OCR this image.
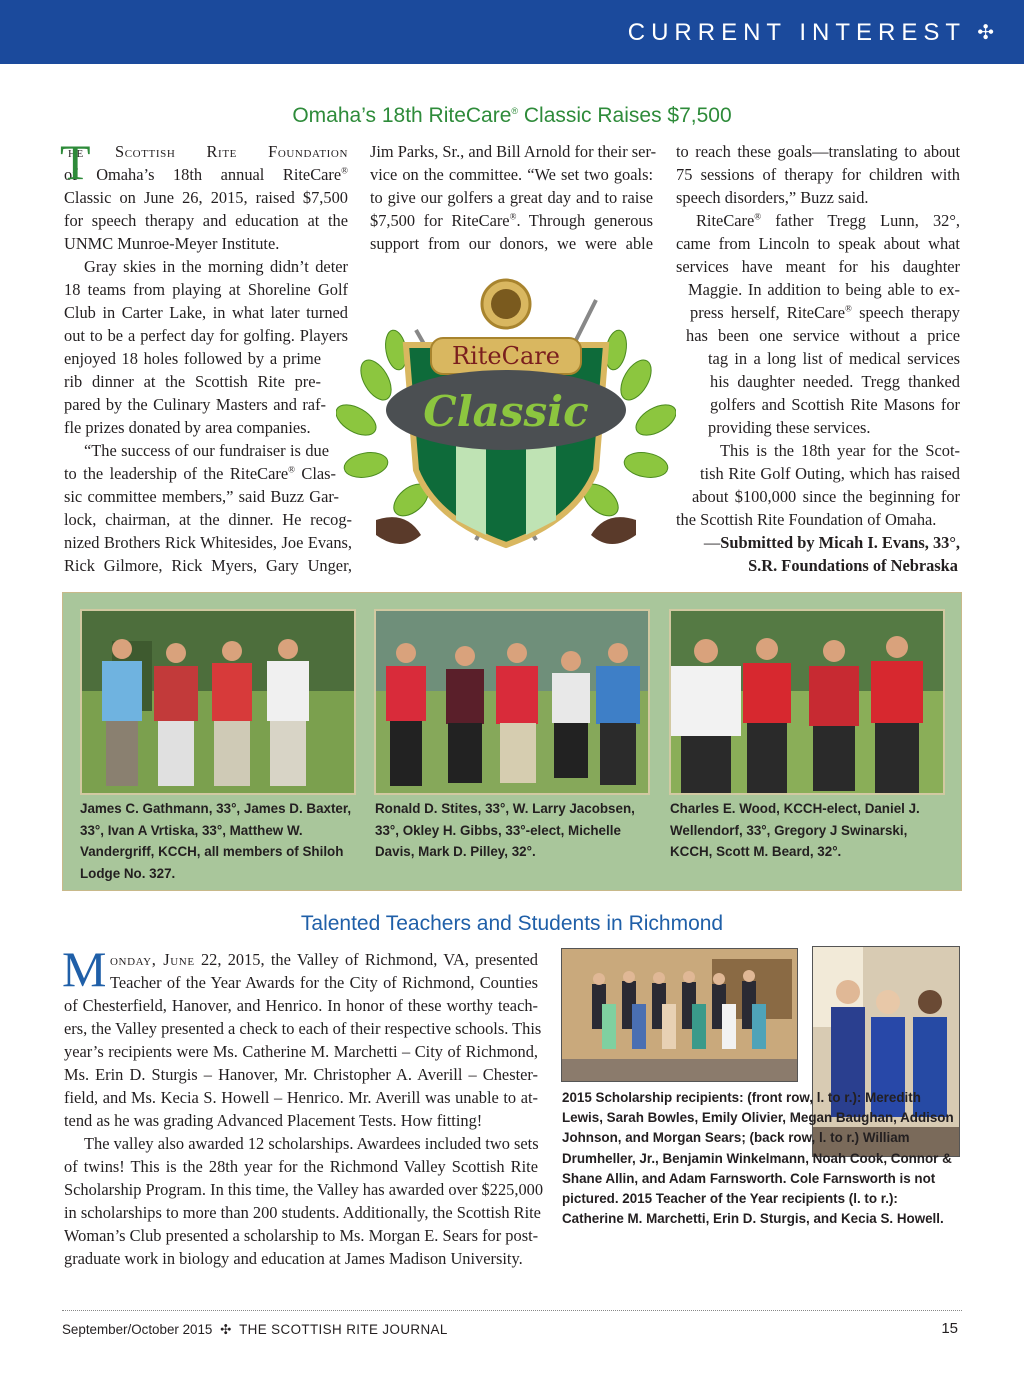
CURRENT INTEREST ✣
Omaha’s 18th RiteCare® Classic Raises $7,500
he Scottish Rite Foundation
of Omaha’s 18th annual RiteCare®
Classic on June 26, 2015, raised $7,500
for speech therapy and education at the
UNMC Munroe-Meyer Institute.
Gray skies in the morning didn’t deter
18 teams from playing at Shoreline Golf
Club in Carter Lake, in what later turned
out to be a perfect day for golfing. Players
enjoyed 18 holes followed by a prime
rib dinner at the Scottish Rite pre-
pared by the Culinary Masters and raf-
fle prizes donated by area companies.
“The success of our fundraiser is due
to the leadership of the RiteCare® Clas-
sic committee members,” said Buzz Gar-
lock, chairman, at the dinner. He recog-
nized Brothers Rick Whitesides, Joe Evans,
Rick Gilmore, Rick Myers, Gary Unger,
T	Jim Parks, Sr., and Bill Arnold for their ser-
vice on the committee. “We set two goals:
to give our golfers a great day and to raise
$7,500 for RiteCare®. Through generous
support from our donors, we were able
to reach these goals—translating to about
75 sessions of therapy for children with
speech disorders,” Buzz said.
RiteCare® father Tregg Lunn, 32°,
came from Lincoln to speak about what
services have meant for his daughter
Maggie. In addition to being able to ex-
press herself, RiteCare® speech therapy
has been one service without a price
tag in a long list of medical services
his daughter needed. Tregg thanked
golfers and Scottish Rite Masons for
providing these services.
This is the 18th year for the Scot-
tish Rite Golf Outing, which has raised
about $100,000 since the beginning for
the Scottish Rite Foundation of Omaha.
—Submitted by Micah I. Evans, 33°,
S.R. Foundations of Nebraska
RiteCare
Classic
James C. Gathmann, 33°, James D. Baxter, 33°, Ivan A Vrtiska, 33°, Matthew W. Vandergriff, KCCH, all members of Shiloh Lodge No. 327.
Ronald D. Stites, 33°, W. Larry Jacobsen, 33°, Okley H. Gibbs, 33°-elect, Michelle Davis, Mark D. Pilley, 32°.
Charles E. Wood, KCCH-elect, Daniel J. Wellendorf, 33°, Gregory J Swinarski, KCCH, Scott M. Beard, 32°.
Talented Teachers and Students in Richmond
onday, June 22, 2015, the Valley of Richmond, VA, presented
Teacher of the Year Awards for the City of Richmond, Counties
of Chesterfield, Hanover, and Henrico. In honor of these worthy teach-
ers, the Valley presented a check to each of their respective schools. This
year’s recipients were Ms. Catherine M. Marchetti – City of Richmond,
Ms. Erin D. Sturgis – Hanover, Mr. Christopher A. Averill – Chester-
field, and Ms. Kecia S. Howell – Henrico. Mr. Averill was unable to at-
tend as he was grading Advanced Placement Tests. How fitting!
The valley also awarded 12 scholarships. Awardees included two sets
of twins! This is the 28th year for the Richmond Valley Scottish Rite
Scholarship Program. In this time, the Valley has awarded over $225,000
in scholarships to more than 200 students. Additionally, the Scottish Rite
Woman’s Club presented a scholarship to Ms. Morgan E. Sears for post-
graduate work in biology and education at James Madison University.
M
2015 Scholarship recipients: (front row, l. to r.): Meredith Lewis, Sarah Bowles, Emily Olivier, Megan Baughan, Addison Johnson, and Morgan Sears; (back row, l. to r.) William Drumheller, Jr., Benjamin Winkelmann, Noah Cook, Connor & Shane Allin, and Adam Farnsworth. Cole Farnsworth is not pictured. 2015 Teacher of the Year recipients (l. to r.): Catherine M. Marchetti, Erin D. Sturgis, and Kecia S. Howell.
September/October 2015 ✣ THE SCOTTISH RITE JOURNAL	15
